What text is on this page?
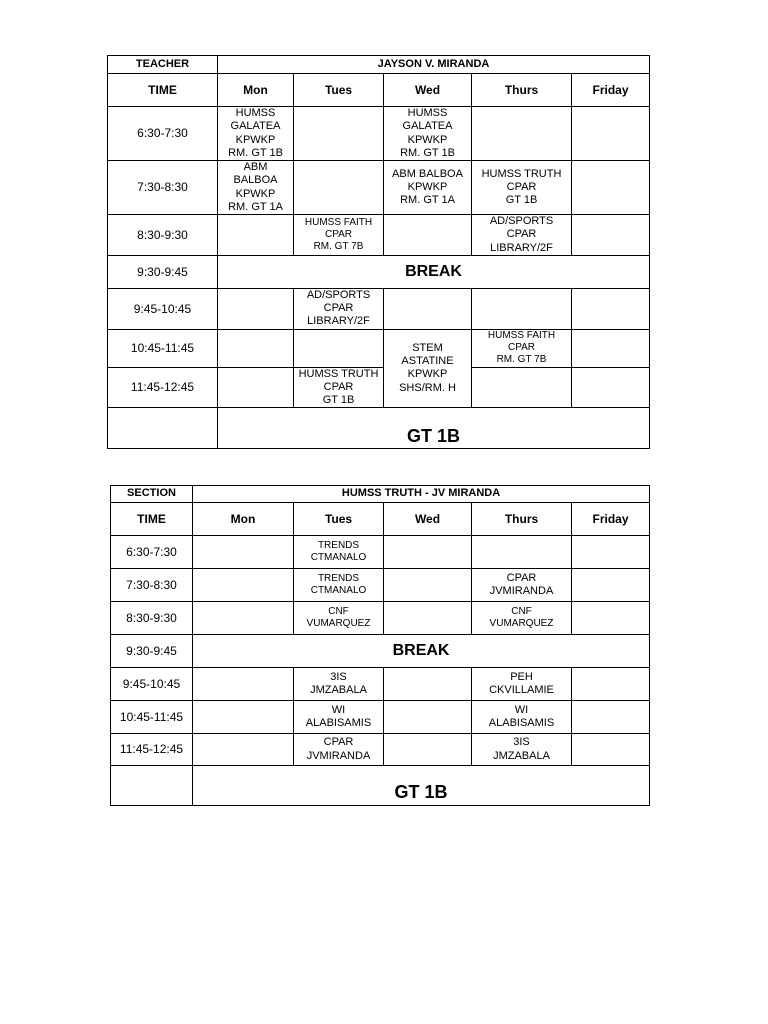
TEACHER	JAYSON V. MIRANDA				
TIME	Mon	Tues	Wed	Thurs	Friday
6:30-7:30	HUMSS
GALATEA
KPWKP
RM. GT 1B		HUMSS
GALATEA
KPWKP
RM. GT 1B		

7:30-8:30	ABM
BALBOA
KPWKP
RM. GT 1A		ABM BALBOA
KPWKP
RM. GT 1A	HUMSS TRUTH
CPAR
GT 1B	

8:30-9:30		HUMSS FAITH
CPAR
RM. GT 7B		AD/SPORTS
CPAR
LIBRARY/2F	

9:30-9:45	BREAK				
9:45-10:45		AD/SPORTS
CPAR
LIBRARY/2F			

10:45-11:45			STEM
ASTATINE
KPWKP
SHS/RM. H	HUMSS FAITH
CPAR
RM. GT 7B	

11:45-12:45		HUMSS TRUTH
CPAR
GT 1B			

	GT 1B				
SECTION	HUMSS TRUTH - JV MIRANDA				
TIME	Mon	Tues	Wed	Thurs	Friday
6:30-7:30		TRENDS
CTMANALO			

7:30-8:30		TRENDS
CTMANALO		CPAR
JVMIRANDA	

8:30-9:30		CNF
VUMARQUEZ		CNF
VUMARQUEZ	

9:30-9:45	BREAK				
9:45-10:45		3IS
JMZABALA		PEH
CKVILLAMIE	

10:45-11:45		WI
ALABISAMIS		WI
ALABISAMIS	

11:45-12:45		CPAR
JVMIRANDA		3IS
JMZABALA	

	GT 1B				
